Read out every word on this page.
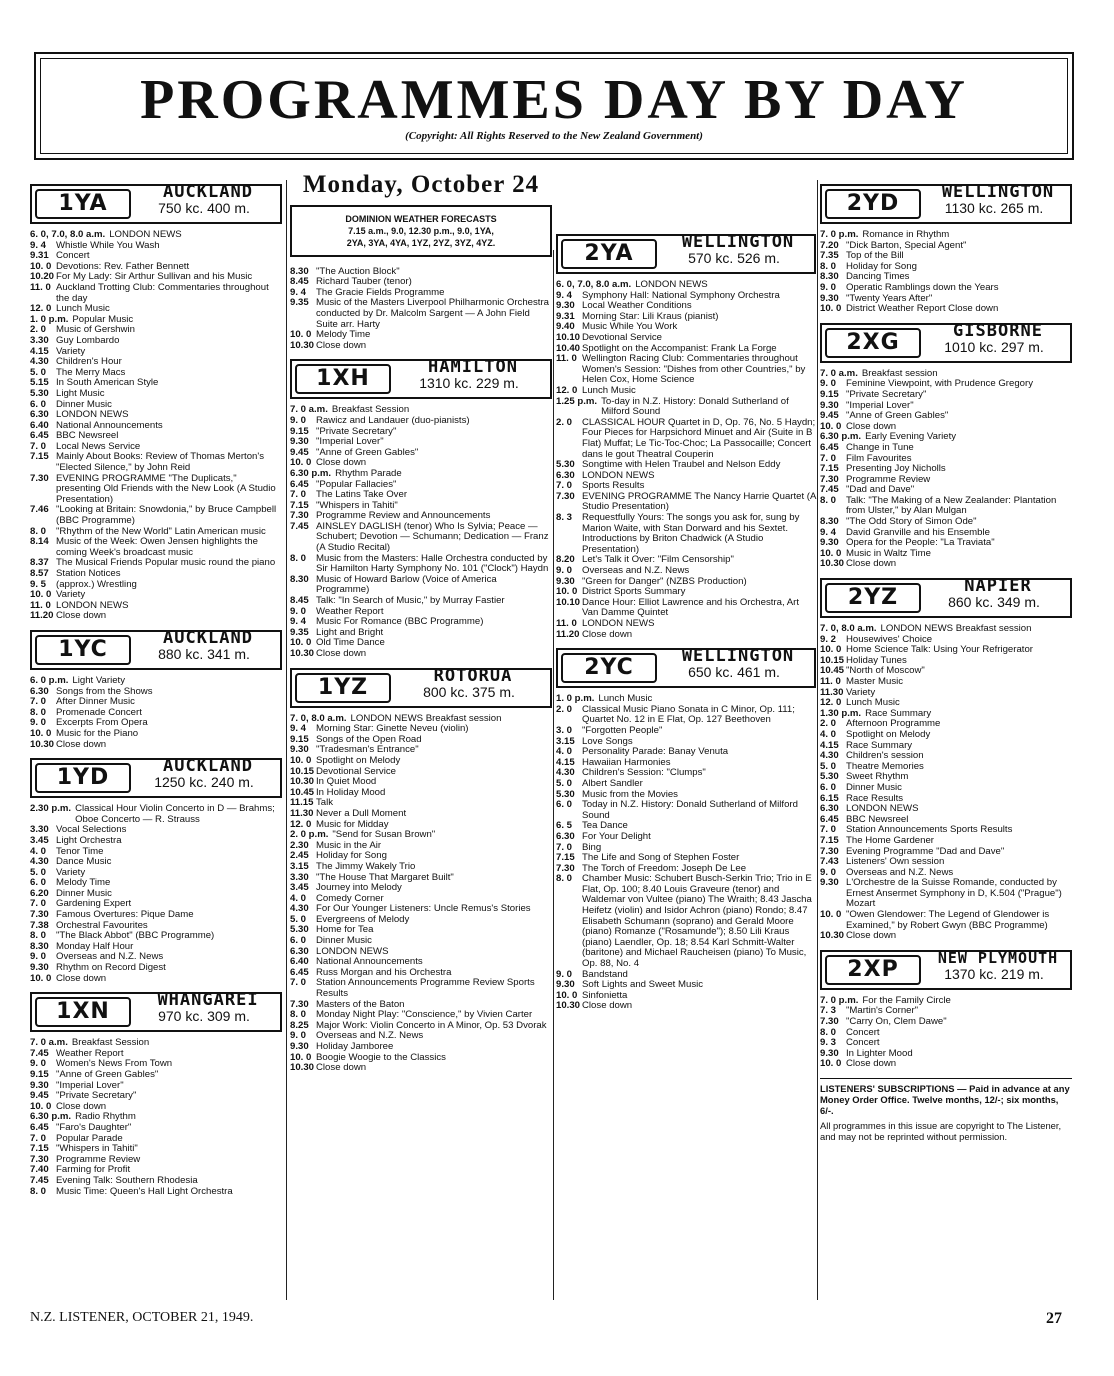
PROGRAMMES DAY BY DAY
(Copyright: All Rights Reserved to the New Zealand Government)
1YA	AUCKLAND
750 kc. 400 m.
6. 0, 7.0, 8.0 a.m. LONDON NEWS
9. 4	Whistle While You Wash
9.31 Concert
10. 0 Devotions: Rev. Father Bennett
10.20 For My Lady: Sir Arthur Sullivan and his Music
11. 0 Auckland Trotting Club: Commentaries throughout the day
12. 0 Lunch Music
1. 0 p.m. Popular Music
2. 0	Music of Gershwin
3.30 Guy Lombardo
4.15 Variety
4.30 Children's Hour
5. 0	The Merry Macs
5.15 In South American Style
5.30 Light Music
6. 0	Dinner Music
6.30 LONDON NEWS
6.40 National Announcements
6.45 BBC Newsreel
7. 0	Local News Service
7.15 Mainly About Books: Review of Thomas Merton's "Elected Silence," by John Reid
7.30 EVENING PROGRAMME "The Duplicats," presenting Old Friends with the New Look (A Studio Presentation)
7.46 "Looking at Britain: Snowdonia," by Bruce Campbell (BBC Programme)
8. 0	"Rhythm of the New World" Latin American music
8.14 Music of the Week: Owen Jensen highlights the coming Week's broadcast music
8.37 The Musical Friends Popular music round the piano
8.57 Station Notices
9. 5	(approx.) Wrestling
10. 0 Variety
11. 0 LONDON NEWS
11.20 Close down
1YC	AUCKLAND
880 kc. 341 m.
6. 0 p.m. Light Variety
6.30 Songs from the Shows
7. 0	After Dinner Music
8. 0	Promenade Concert
9. 0	Excerpts From Opera
10. 0 Music for the Piano
10.30 Close down
1YD	AUCKLAND
1250 kc. 240 m.
2.30 p.m. Classical Hour Violin Concerto in D — Brahms; Oboe Concerto — R. Strauss
3.30 Vocal Selections
3.45 Light Orchestra
4. 0	Tenor Time
4.30 Dance Music
5. 0	Variety
6. 0	Melody Time
6.20 Dinner Music
7. 0	Gardening Expert
7.30 Famous Overtures: Pique Dame
7.38 Orchestral Favourites
8. 0	"The Black Abbot" (BBC Programme)
8.30 Monday Half Hour
9. 0	Overseas and N.Z. News
9.30 Rhythm on Record Digest
10. 0 Close down
1XN	WHANGAREI
970 kc. 309 m.
7. 0 a.m. Breakfast Session
7.45 Weather Report
9. 0	Women's News From Town
9.15 "Anne of Green Gables"
9.30 "Imperial Lover"
9.45 "Private Secretary"
10. 0 Close down
6.30 p.m. Radio Rhythm
6.45 "Faro's Daughter"
7. 0	Popular Parade
7.15 "Whispers in Tahiti"
7.30 Programme Review
7.40 Farming for Profit
7.45 Evening Talk: Southern Rhodesia
8. 0	Music Time: Queen's Hall Light Orchestra
Monday, October 24
DOMINION WEATHER FORECASTS
7.15 a.m., 9.0, 12.30 p.m., 9.0, 1YA,
2YA, 3YA, 4YA, 1YZ, 2YZ, 3YZ, 4YZ.
8.30 "The Auction Block"
8.45 Richard Tauber (tenor)
9. 4	The Gracie Fields Programme
9.35 Music of the Masters Liverpool Philharmonic Orchestra conducted by Dr. Malcolm Sargent — A John Field Suite arr. Harty
10. 0 Melody Time
10.30 Close down
1XH	HAMILTON
1310 kc. 229 m.
7. 0 a.m. Breakfast Session
9. 0	Rawicz and Landauer (duo-pianists)
9.15 "Private Secretary"
9.30 "Imperial Lover"
9.45 "Anne of Green Gables"
10. 0 Close down
6.30 p.m. Rhythm Parade
6.45 "Popular Fallacies"
7. 0	The Latins Take Over
7.15 "Whispers in Tahiti"
7.30 Programme Review and Announcements
7.45 AINSLEY DAGLISH (tenor) Who Is Sylvia; Peace — Schubert; Devotion — Schumann; Dedication — Franz (A Studio Recital)
8. 0	Music from the Masters: Halle Orchestra conducted by Sir Hamilton Harty Symphony No. 101 ("Clock") Haydn
8.30 Music of Howard Barlow (Voice of America Programme)
8.45 Talk: "In Search of Music," by Murray Fastier
9. 0	Weather Report
9. 4	Music For Romance (BBC Programme)
9.35 Light and Bright
10. 0 Old Time Dance
10.30 Close down
1YZ	ROTORUA
800 kc. 375 m.
7. 0, 8.0 a.m. LONDON NEWS Breakfast session
9. 4	Morning Star: Ginette Neveu (violin)
9.15 Songs of the Open Road
9.30 "Tradesman's Entrance"
10. 0 Spotlight on Melody
10.15 Devotional Service
10.30 In Quiet Mood
10.45 In Holiday Mood
11.15 Talk
11.30 Never a Dull Moment
12. 0 Music for Midday
2. 0 p.m. "Send for Susan Brown"
2.30 Music in the Air
2.45 Holiday for Song
3.15 The Jimmy Wakely Trio
3.30 "The House That Margaret Built"
3.45 Journey into Melody
4. 0	Comedy Corner
4.30 For Our Younger Listeners: Uncle Remus's Stories
5. 0	Evergreens of Melody
5.30 Home for Tea
6. 0	Dinner Music
6.30 LONDON NEWS
6.40 National Announcements
6.45 Russ Morgan and his Orchestra
7. 0	Station Announcements Programme Review Sports Results
7.30 Masters of the Baton
8. 0	Monday Night Play: "Conscience," by Vivien Carter
8.25 Major Work: Violin Concerto in A Minor, Op. 53 Dvorak
9. 0	Overseas and N.Z. News
9.30 Holiday Jamboree
10. 0 Boogie Woogie to the Classics
10.30 Close down
2YA	WELLINGTON
570 kc. 526 m.
6. 0, 7.0, 8.0 a.m. LONDON NEWS
9. 4	Symphony Hall: National Symphony Orchestra
9.30 Local Weather Conditions
9.31 Morning Star: Lili Kraus (pianist)
9.40 Music While You Work
10.10 Devotional Service
10.40 Spotlight on the Accompanist: Frank La Forge
11. 0 Wellington Racing Club: Commentaries throughout Women's Session: "Dishes from other Countries," by Helen Cox, Home Science
12. 0 Lunch Music
1.25 p.m. To-day in N.Z. History: Donald Sutherland of Milford Sound
2. 0	CLASSICAL HOUR Quartet in D, Op. 76, No. 5 Haydn; Four Pieces for Harpsichord Minuet and Air (Suite in B Flat) Muffat; Le Tic-Toc-Choc; La Passocaille; Concert dans le gout Theatral Couperin
5.30 Songtime with Helen Traubel and Nelson Eddy
6.30 LONDON NEWS
7. 0	Sports Results
7.30 EVENING PROGRAMME The Nancy Harrie Quartet (A Studio Presentation)
8. 3	Requestfully Yours: The songs you ask for, sung by Marion Waite, with Stan Dorward and his Sextet. Introductions by Briton Chadwick (A Studio Presentation)
8.20 Let's Talk it Over: "Film Censorship"
9. 0	Overseas and N.Z. News
9.30 "Green for Danger" (NZBS Production)
10. 0 District Sports Summary
10.10 Dance Hour: Elliot Lawrence and his Orchestra, Art Van Damme Quintet
11. 0 LONDON NEWS
11.20 Close down
2YC	WELLINGTON
650 kc. 461 m.
1. 0 p.m. Lunch Music
2. 0	Classical Music Piano Sonata in C Minor, Op. 111; Quartet No. 12 in E Flat, Op. 127 Beethoven
3. 0	"Forgotten People"
3.15 Love Songs
4. 0	Personality Parade: Banay Venuta
4.15 Hawaiian Harmonies
4.30 Children's Session: "Clumps"
5. 0	Albert Sandler
5.30 Music from the Movies
6. 0	Today in N.Z. History: Donald Sutherland of Milford Sound
6. 5	Tea Dance
6.30 For Your Delight
7. 0	Bing
7.15 The Life and Song of Stephen Foster
7.30 The Torch of Freedom: Joseph De Lee
8. 0	Chamber Music: Schubert Busch-Serkin Trio; Trio in E Flat, Op. 100; 8.40 Louis Graveure (tenor) and Waldemar von Vultee (piano) The Wraith; 8.43 Jascha Heifetz (violin) and Isidor Achron (piano) Rondo; 8.47 Elisabeth Schumann (soprano) and Gerald Moore (piano) Romanze ("Rosamunde"); 8.50 Lili Kraus (piano) Laendler, Op. 18; 8.54 Karl Schmitt-Walter (baritone) and Michael Raucheisen (piano) To Music, Op. 88, No. 4
9. 0	Bandstand
9.30 Soft Lights and Sweet Music
10. 0 Sinfonietta
10.30 Close down
2YD	WELLINGTON
1130 kc. 265 m.
7. 0 p.m. Romance in Rhythm
7.20 "Dick Barton, Special Agent"
7.35 Top of the Bill
8. 0	Holiday for Song
8.30 Dancing Times
9. 0	Operatic Ramblings down the Years
9.30 "Twenty Years After"
10. 0 District Weather Report Close down
2XG	GISBORNE
1010 kc. 297 m.
7. 0 a.m. Breakfast session
9. 0	Feminine Viewpoint, with Prudence Gregory
9.15 "Private Secretary"
9.30 "Imperial Lover"
9.45 "Anne of Green Gables"
10. 0 Close down
6.30 p.m. Early Evening Variety
6.45 Change in Tune
7. 0	Film Favourites
7.15 Presenting Joy Nicholls
7.30 Programme Review
7.45 "Dad and Dave"
8. 0	Talk: "The Making of a New Zealander: Plantation from Ulster," by Alan Mulgan
8.30 "The Odd Story of Simon Ode"
9. 4	David Granville and his Ensemble
9.30 Opera for the People: "La Traviata"
10. 0 Music in Waltz Time
10.30 Close down
2YZ	NAPIER
860 kc. 349 m.
7. 0, 8.0 a.m. LONDON NEWS Breakfast session
9. 2	Housewives' Choice
10. 0 Home Science Talk: Using Your Refrigerator
10.15 Holiday Tunes
10.45 "North of Moscow"
11. 0 Master Music
11.30 Variety
12. 0 Lunch Music
1.30 p.m. Race Summary
2. 0	Afternoon Programme
4. 0	Spotlight on Melody
4.15 Race Summary
4.30 Children's session
5. 0	Theatre Memories
5.30 Sweet Rhythm
6. 0	Dinner Music
6.15 Race Results
6.30 LONDON NEWS
6.45 BBC Newsreel
7. 0	Station Announcements Sports Results
7.15 The Home Gardener
7.30 Evening Programme "Dad and Dave"
7.43 Listeners' Own session
9. 0	Overseas and N.Z. News
9.30 L'Orchestre de la Suisse Romande, conducted by Ernest Ansermet Symphony in D, K.504 ("Prague") Mozart
10. 0 "Owen Glendower: The Legend of Glendower is Examined," by Robert Gwyn (BBC Programme)
10.30 Close down
2XP	NEW PLYMOUTH
1370 kc. 219 m.
7. 0 p.m. For the Family Circle
7. 3	"Martin's Corner"
7.30 "Carry On, Clem Dawe"
8. 0	Concert
9. 3	Concert
9.30 In Lighter Mood
10. 0 Close down
LISTENERS' SUBSCRIPTIONS — Paid in advance at any Money Order Office. Twelve months, 12/-; six months, 6/-.
All programmes in this issue are copyright to The Listener, and may not be reprinted without permission.
N.Z. LISTENER, OCTOBER 21, 1949.	27
